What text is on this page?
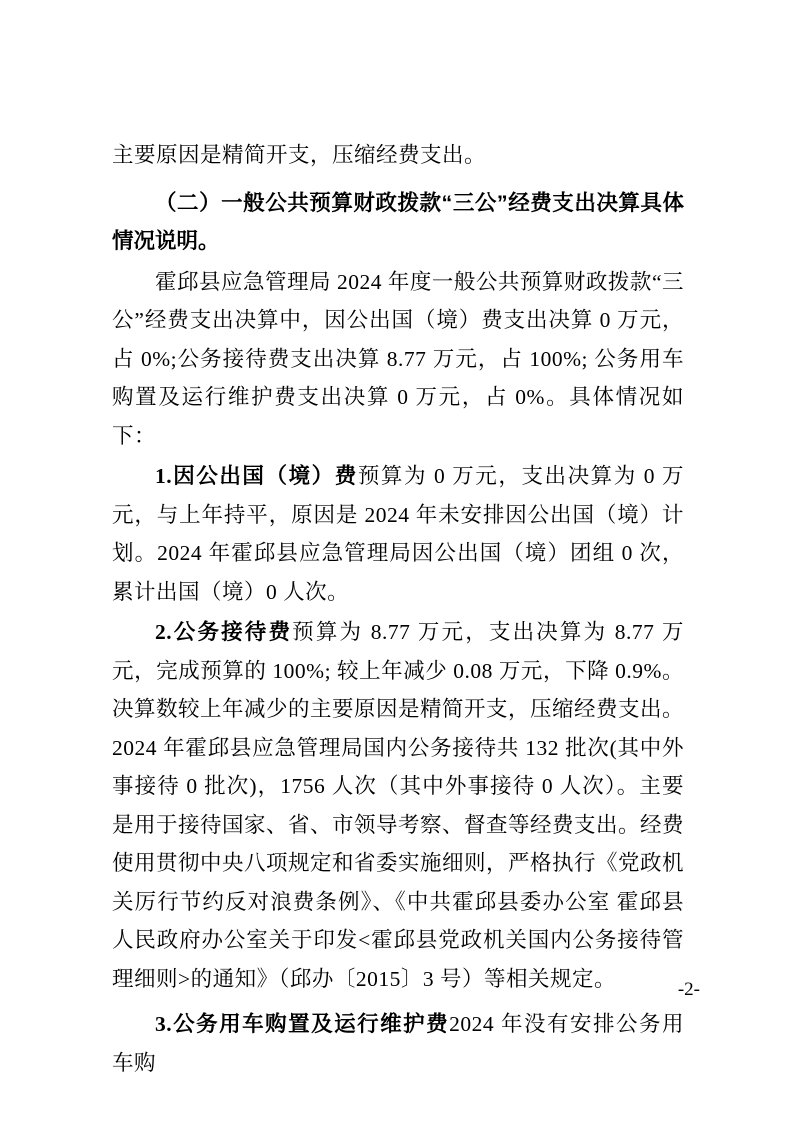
主要原因是精简开支，压缩经费支出。

（二）一般公共预算财政拨款“三公”经费支出决算具体情况说明。

霍邱县应急管理局 2024 年度一般公共预算财政拨款“三公”经费支出决算中，因公出国（境）费支出决算 0 万元，占 0%;公务接待费支出决算 8.77 万元，占 100%; 公务用车购置及运行维护费支出决算 0 万元，占 0%。具体情况如下：

1.因公出国（境）费预算为 0 万元，支出决算为 0 万元，与上年持平，原因是 2024 年未安排因公出国（境）计划。2024 年霍邱县应急管理局因公出国（境）团组 0 次，累计出国（境）0 人次。

2.公务接待费预算为 8.77 万元，支出决算为 8.77 万元，完成预算的 100%; 较上年减少 0.08 万元，下降 0.9%。决算数较上年减少的主要原因是精简开支，压缩经费支出。2024 年霍邱县应急管理局国内公务接待共 132 批次(其中外事接待 0 批次)，1756 人次（其中外事接待 0 人次）。主要是用于接待国家、省、市领导考察、督查等经费支出。经费使用贯彻中央八项规定和省委实施细则，严格执行《党政机关厉行节约反对浪费条例》、《中共霍邱县委办公室 霍邱县人民政府办公室关于印发<霍邱县党政机关国内公务接待管理细则>的通知》（邱办〔2015〕3 号）等相关规定。

3.公务用车购置及运行维护费2024 年没有安排公务用车购

-2-
